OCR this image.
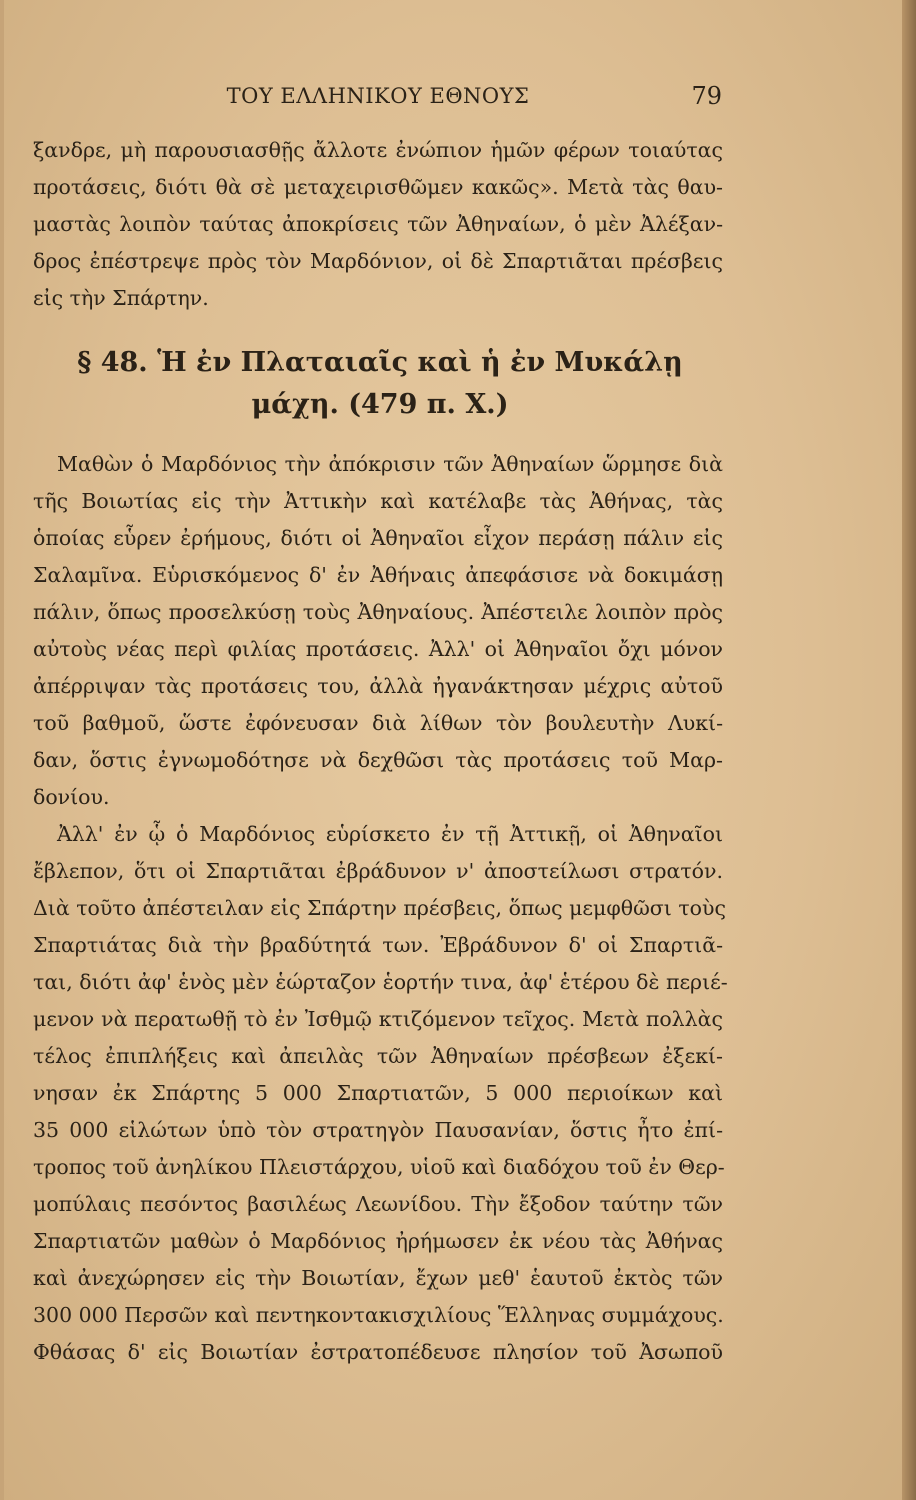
ΤΟΥ ΕΛΛΗΝΙΚΟΥ ΕΘΝΟΥΣ	79
ξανδρε, μὴ παρουσιασθῇς ἄλλοτε ἐνώπιον ἡμῶν φέρων τοιαύτας
προτάσεις, διότι θὰ σὲ μεταχειρισθῶμεν κακῶς». Μετὰ τὰς θαυ-
μαστὰς λοιπὸν ταύτας ἀποκρίσεις τῶν Ἀθηναίων, ὁ μὲν Ἀλέξαν-
δρος ἐπέστρεψε πρὸς τὸν Μαρδόνιον, οἱ δὲ Σπαρτιᾶται πρέσβεις
εἰς τὴν Σπάρτην.
§ 48. Ἡ ἐν Πλαταιαῖς καὶ ἡ ἐν Μυκάλῃ
μάχη. (479 π. Χ.)
Μαθὼν ὁ Μαρδόνιος τὴν ἀπόκρισιν τῶν Ἀθηναίων ὥρμησε διὰ
τῆς Βοιωτίας εἰς τὴν Ἀττικὴν καὶ κατέλαβε τὰς Ἀθήνας, τὰς
ὁποίας εὗρεν ἐρήμους, διότι οἱ Ἀθηναῖοι εἶχον περάσῃ πάλιν εἰς
Σαλαμῖνα. Εὑρισκόμενος δ' ἐν Ἀθήναις ἀπεφάσισε νὰ δοκιμάσῃ
πάλιν, ὅπως προσελκύσῃ τοὺς Ἀθηναίους. Ἀπέστειλε λοιπὸν πρὸς
αὐτοὺς νέας περὶ φιλίας προτάσεις. Ἀλλ' οἱ Ἀθηναῖοι ὄχι μόνον
ἀπέρριψαν τὰς προτάσεις του, ἀλλὰ ἠγανάκτησαν μέχρις αὐτοῦ
τοῦ βαθμοῦ, ὥστε ἐφόνευσαν διὰ λίθων τὸν βουλευτὴν Λυκί-
δαν, ὅστις ἐγνωμοδότησε νὰ δεχθῶσι τὰς προτάσεις τοῦ Μαρ-
δονίου.
Ἀλλ' ἐν ᾧ ὁ Μαρδόνιος εὑρίσκετο ἐν τῇ Ἀττικῇ, οἱ Ἀθηναῖοι
ἔβλεπον, ὅτι οἱ Σπαρτιᾶται ἐβράδυνον ν' ἀποστείλωσι στρατόν.
Διὰ τοῦτο ἀπέστειλαν εἰς Σπάρτην πρέσβεις, ὅπως μεμφθῶσι τοὺς
Σπαρτιάτας διὰ τὴν βραδύτητά των. Ἐβράδυνον δ' οἱ Σπαρτιᾶ-
ται, διότι ἀφ' ἑνὸς μὲν ἑώρταζον ἑορτήν τινα, ἀφ' ἑτέρου δὲ περιέ-
μενον νὰ περατωθῇ τὸ ἐν Ἰσθμῷ κτιζόμενον τεῖχος. Μετὰ πολλὰς
τέλος ἐπιπλήξεις καὶ ἀπειλὰς τῶν Ἀθηναίων πρέσβεων ἐξεκί-
νησαν ἐκ Σπάρτης 5 000 Σπαρτιατῶν, 5 000 περιοίκων καὶ
35 000 εἱλώτων ὑπὸ τὸν στρατηγὸν Παυσανίαν, ὅστις ἦτο ἐπί-
τροπος τοῦ ἀνηλίκου Πλειστάρχου, υἱοῦ καὶ διαδόχου τοῦ ἐν Θερ-
μοπύλαις πεσόντος βασιλέως Λεωνίδου. Τὴν ἔξοδον ταύτην τῶν
Σπαρτιατῶν μαθὼν ὁ Μαρδόνιος ἠρήμωσεν ἐκ νέου τὰς Ἀθήνας
καὶ ἀνεχώρησεν εἰς τὴν Βοιωτίαν, ἔχων μεθ' ἑαυτοῦ ἐκτὸς τῶν
300 000 Περσῶν καὶ πεντηκοντακισχιλίους Ἕλληνας συμμάχους.
Φθάσας δ' εἰς Βοιωτίαν ἐστρατοπέδευσε πλησίον τοῦ Ἀσωποῦ
